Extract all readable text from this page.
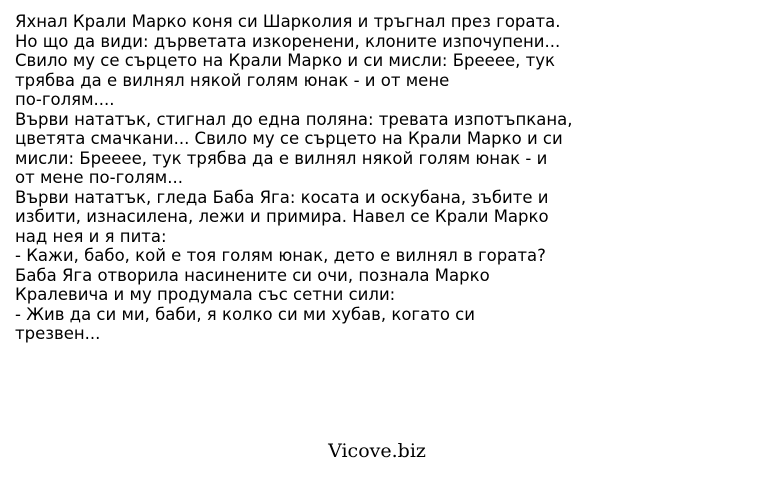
Яхнал Крали Марко коня си Шарколия и тръгнал през гората.
Но що да види: дърветата изкоренени, клоните изпочупени...
Свило му се сърцето на Крали Марко и си мисли: Брееее, тук
трябва да е вилнял някой голям юнак - и от мене
по-голям....
Върви нататък, стигнал до една поляна: тревата изпотъпкана,
цветята смачкани... Свило му се сърцето на Крали Марко и си
мисли: Брееее, тук трябва да е вилнял някой голям юнак - и
от мене по-голям...
Върви нататък, гледа Баба Яга: косата и оскубана, зъбите и
избити, изнасилена, лежи и примира. Навел се Крали Марко
над нея и я пита:
- Кажи, бабо, кой е тоя голям юнак, дето е вилнял в гората?
Баба Яга отворила насинените си очи, познала Марко
Кралевича и му продумала със сетни сили:
- Жив да си ми, баби, я колко си ми хубав, когато си
трезвен...
Vicove.biz
